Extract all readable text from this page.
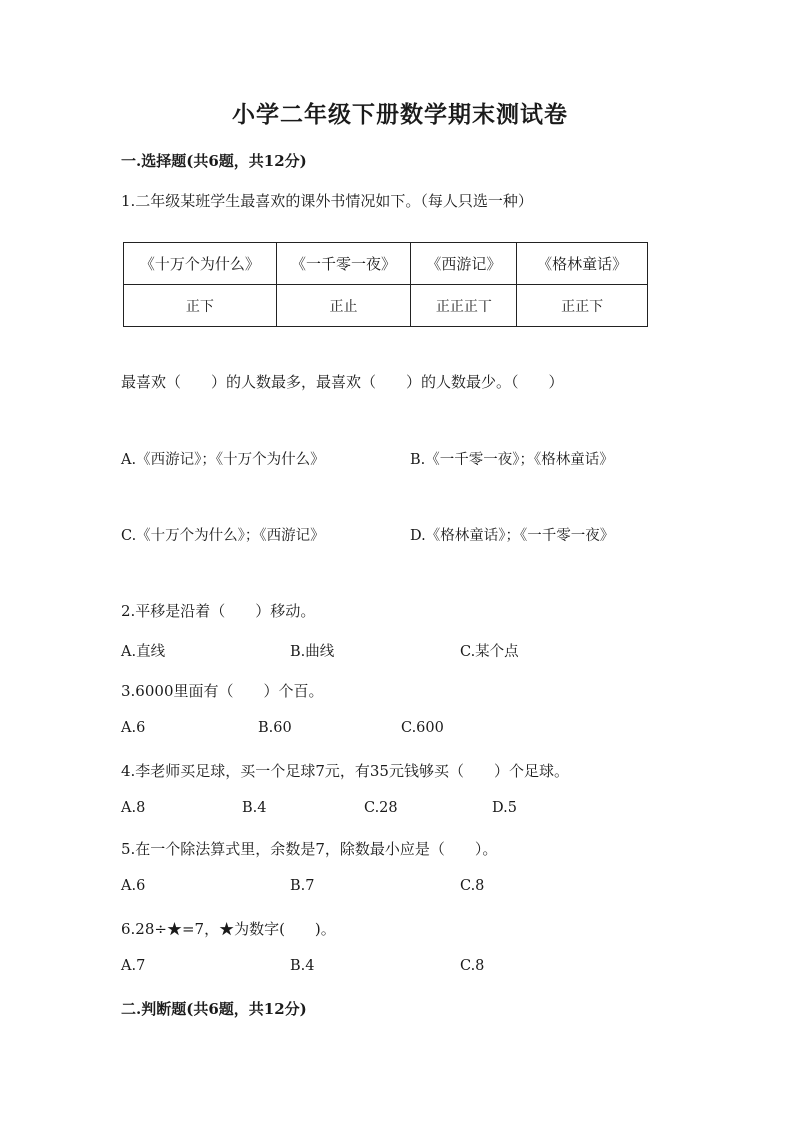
小学二年级下册数学期末测试卷
一.选择题(共6题，共12分)
1.二年级某班学生最喜欢的课外书情况如下。（每人只选一种）
《十万个为什么》	《一千零一夜》	《西游记》	《格林童话》
正下	正止	正正正丅	正正下
最喜欢（　　）的人数最多，最喜欢（　　）的人数最少。（　　）
A.《西游记》；《十万个为什么》	B.《一千零一夜》；《格林童话》
C.《十万个为什么》；《西游记》	D.《格林童话》；《一千零一夜》
2.平移是沿着（　　）移动。
A.直线	B.曲线	C.某个点
3.6000里面有（　　）个百。
A.6	B.60	C.600
4.李老师买足球，买一个足球7元，有35元钱够买（　　）个足球。
A.8	B.4	C.28	D.5
5.在一个除法算式里，余数是7，除数最小应是（　　）。
A.6	B.7	C.8
6.28÷★=7，★为数字(　　)。
A.7	B.4	C.8
二.判断题(共6题，共12分)
